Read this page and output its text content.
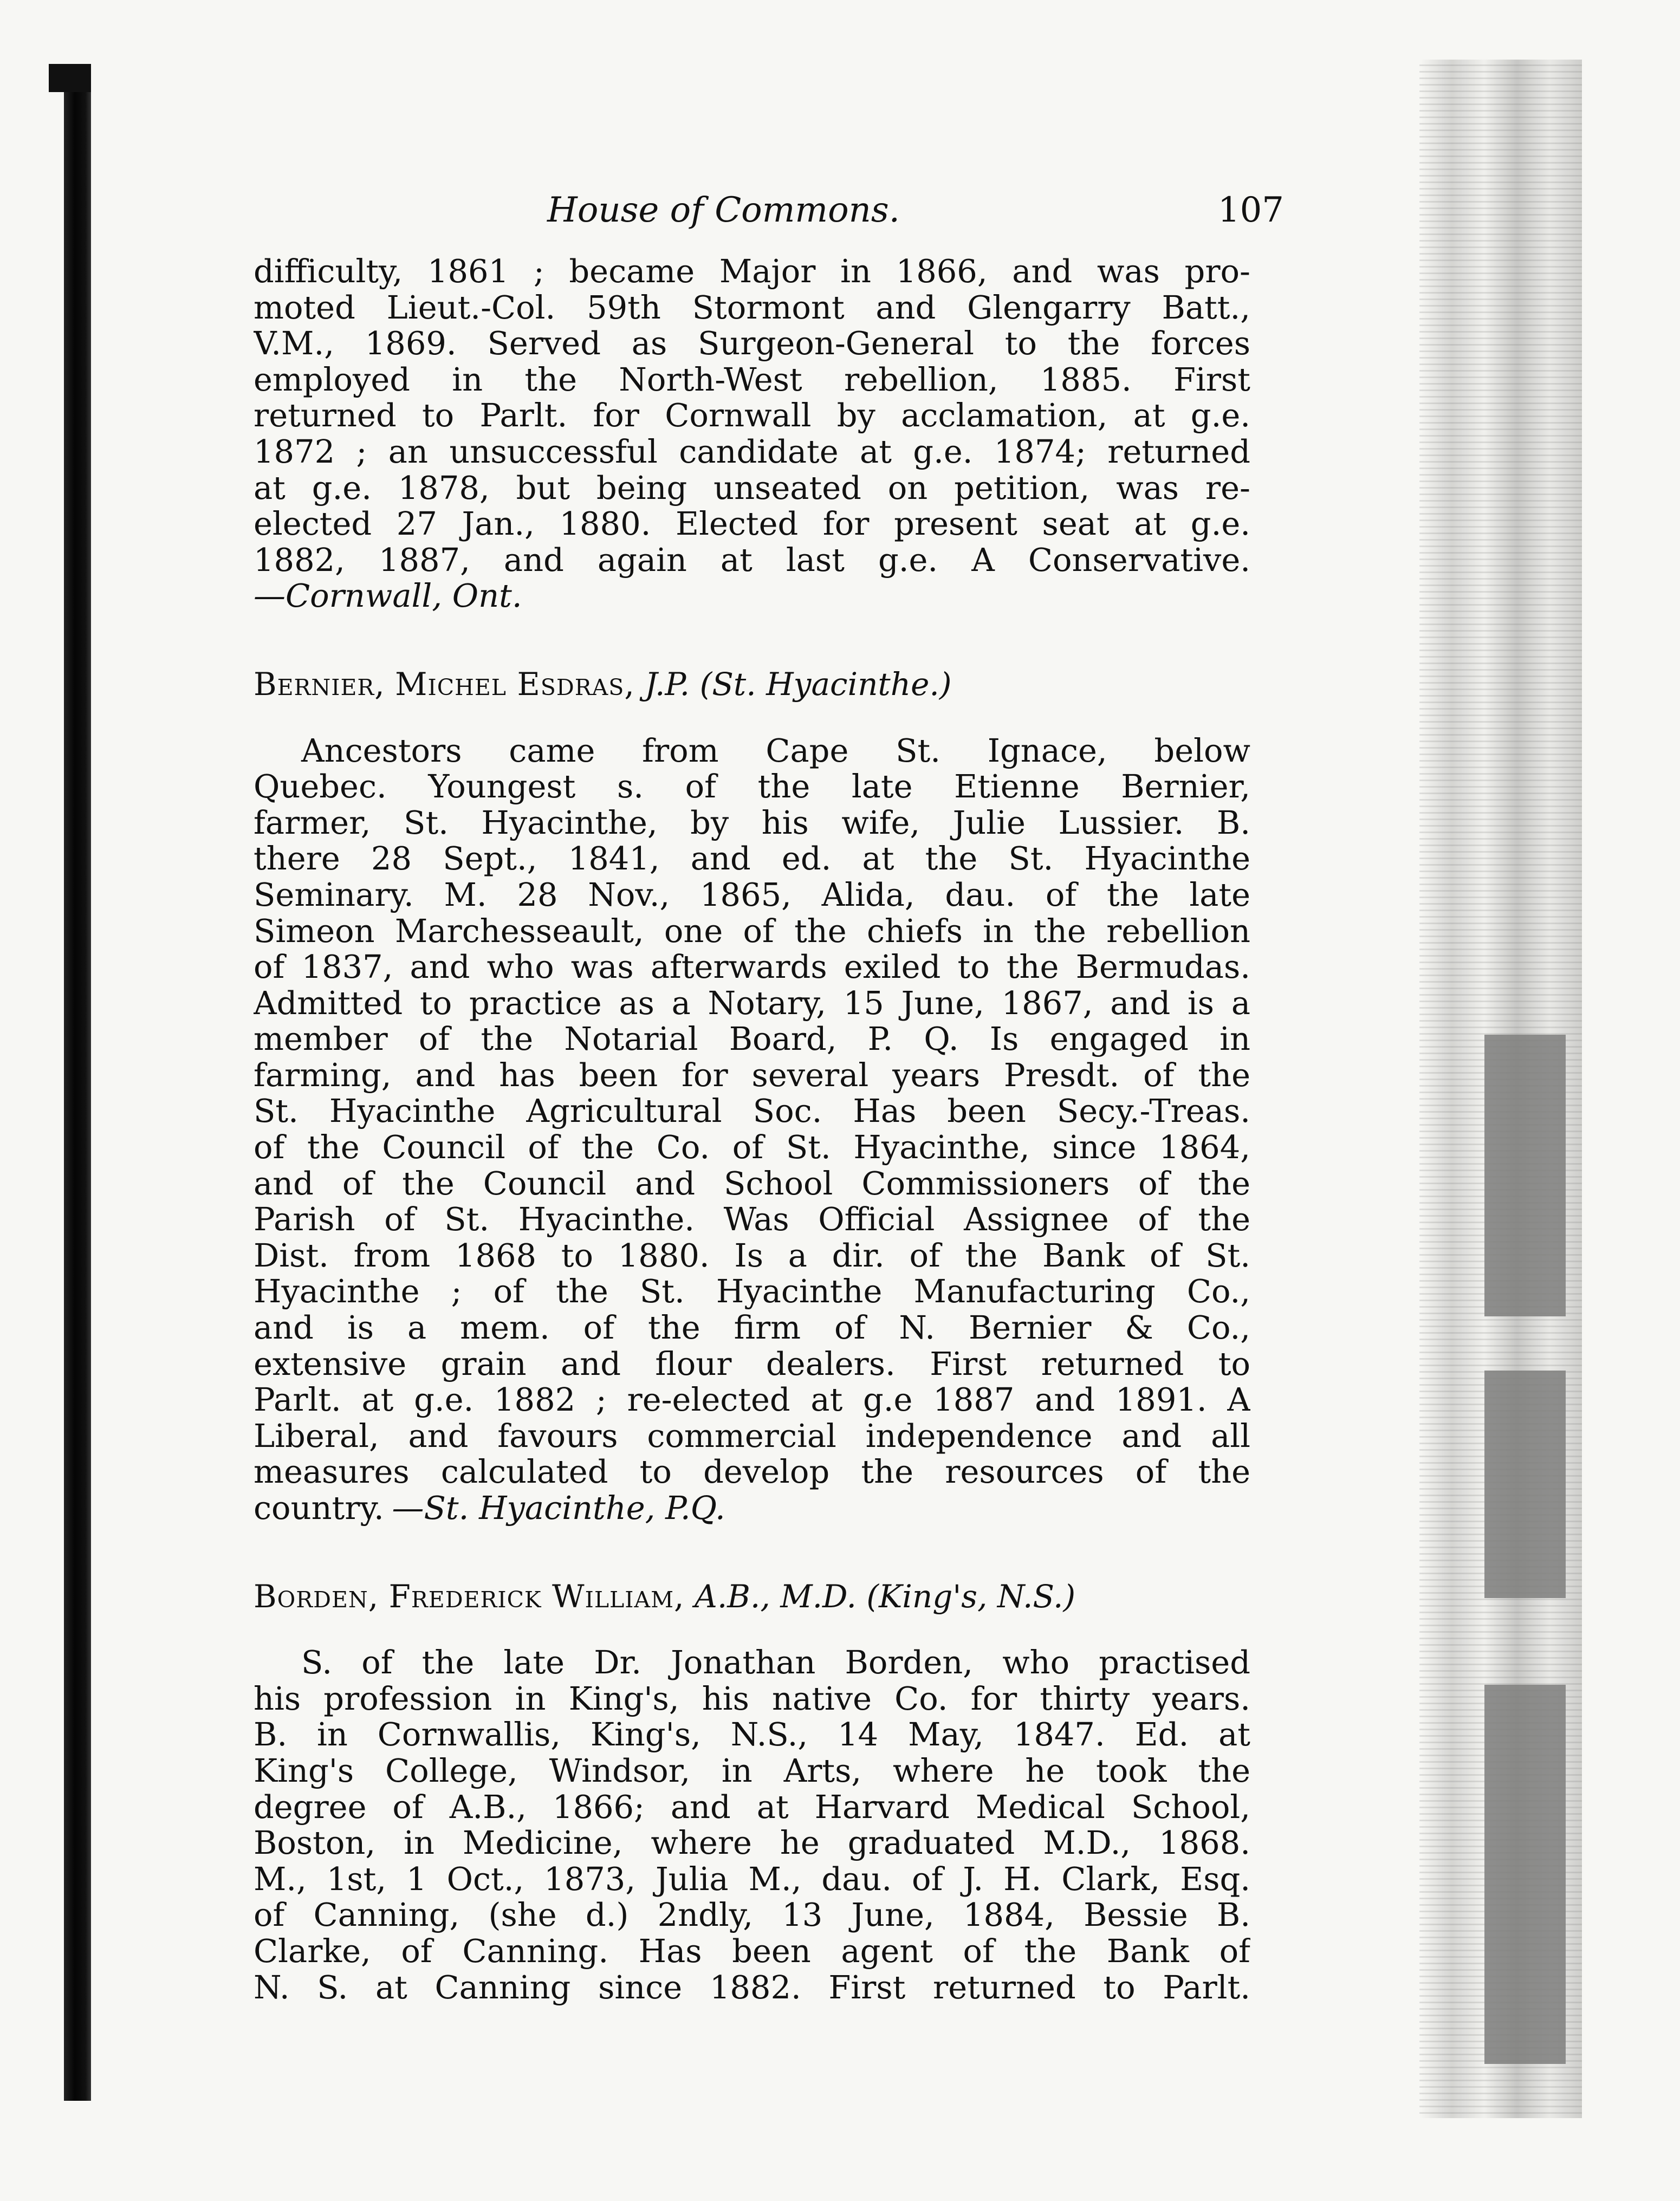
House of Commons.	107
difficulty, 1861 ; became Major in 1866, and was pro-
moted Lieut.-Col. 59th Stormont and Glengarry Batt.,
V.M., 1869. Served as Surgeon-General to the forces
employed in the North-West rebellion, 1885. First
returned to Parlt. for Cornwall by acclamation, at g.e.
1872 ; an unsuccessful candidate at g.e. 1874; returned
at g.e. 1878, but being unseated on petition, was re-
elected 27 Jan., 1880. Elected for present seat at g.e.
1882, 1887, and again at last g.e. A Conservative.
—Cornwall, Ont.
Bernier, Michel Esdras, J.P. (St. Hyacinthe.)
Ancestors came from Cape St. Ignace, below
Quebec. Youngest s. of the late Etienne Bernier,
farmer, St. Hyacinthe, by his wife, Julie Lussier. B.
there 28 Sept., 1841, and ed. at the St. Hyacinthe
Seminary. M. 28 Nov., 1865, Alida, dau. of the late
Simeon Marchesseault, one of the chiefs in the rebellion
of 1837, and who was afterwards exiled to the Bermudas.
Admitted to practice as a Notary, 15 June, 1867, and is a
member of the Notarial Board, P. Q. Is engaged in
farming, and has been for several years Presdt. of the
St. Hyacinthe Agricultural Soc. Has been Secy.-Treas.
of the Council of the Co. of St. Hyacinthe, since 1864,
and of the Council and School Commissioners of the
Parish of St. Hyacinthe. Was Official Assignee of the
Dist. from 1868 to 1880. Is a dir. of the Bank of St.
Hyacinthe ; of the St. Hyacinthe Manufacturing Co.,
and is a mem. of the firm of N. Bernier & Co.,
extensive grain and flour dealers. First returned to
Parlt. at g.e. 1882 ; re-elected at g.e 1887 and 1891. A
Liberal, and favours commercial independence and all
measures calculated to develop the resources of the
country. —St. Hyacinthe, P.Q.
Borden, Frederick William, A.B., M.D. (King's, N.S.)
S. of the late Dr. Jonathan Borden, who practised
his profession in King's, his native Co. for thirty years.
B. in Cornwallis, King's, N.S., 14 May, 1847. Ed. at
King's College, Windsor, in Arts, where he took the
degree of A.B., 1866; and at Harvard Medical School,
Boston, in Medicine, where he graduated M.D., 1868.
M., 1st, 1 Oct., 1873, Julia M., dau. of J. H. Clark, Esq.
of Canning, (she d.) 2ndly, 13 June, 1884, Bessie B.
Clarke, of Canning. Has been agent of the Bank of
N. S. at Canning since 1882. First returned to Parlt.
